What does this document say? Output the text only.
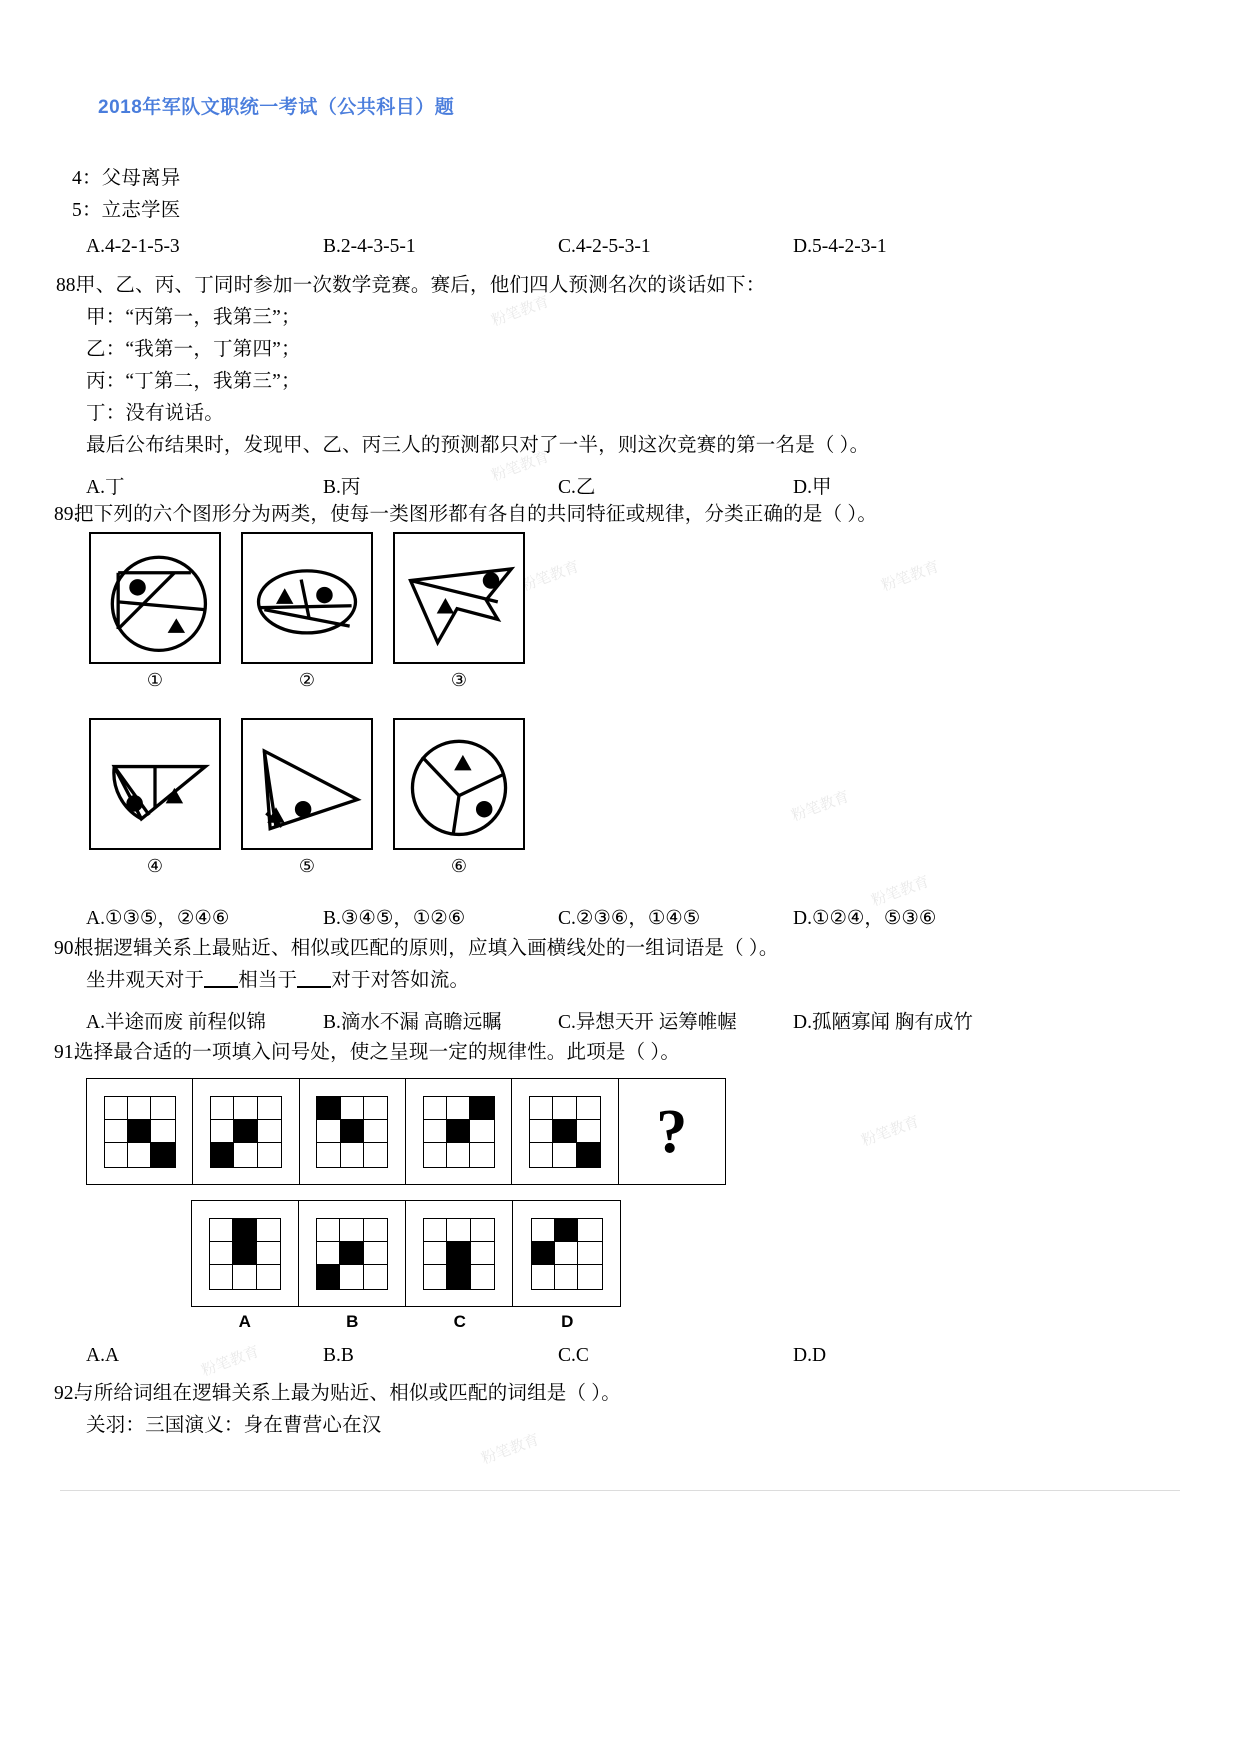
粉笔教育
粉笔教育
粉笔教育	粉笔教育
粉笔教育
粉笔教育
粉笔教育
粉笔教育
粉笔教育
2018年军队文职统一考试（公共科目）题
4：父母离异
5：立志学医
A.4-2-1-5-3	B.2-4-3-5-1	C.4-2-5-3-1	D.5-4-2-3-1
88.
甲、乙、丙、丁同时参加一次数学竞赛。赛后，他们四人预测名次的谈话如下：
甲：“丙第一，我第三”；
乙：“我第一，丁第四”；
丙：“丁第二，我第三”；
丁：没有说话。
最后公布结果时，发现甲、乙、丙三人的预测都只对了一半，则这次竞赛的第一名是（ ）。
A.丁	B.丙	C.乙	D.甲
89.
把下列的六个图形分为两类，使每一类图形都有各自的共同特征或规律，分类正确的是（ ）。
①	②	③
④	⑤	⑥
A.①③⑤，②④⑥	B.③④⑤，①②⑥	C.②③⑥，①④⑤	D.①②④，⑤③⑥
90.
根据逻辑关系上最贴近、相似或匹配的原则，应填入画横线处的一组词语是（ ）。
坐井观天对于 相当于 对于对答如流。
A.半途而废 前程似锦	B.滴水不漏 高瞻远瞩	C.异想天开 运筹帷幄	D.孤陋寡闻 胸有成竹
91.
选择最合适的一项填入问号处，使之呈现一定的规律性。此项是（ ）。
?
A	B	C	D
A.A	B.B	C.C	D.D
92.
与所给词组在逻辑关系上最为贴近、相似或匹配的词组是（ ）。
关羽：三国演义：身在曹营心在汉
